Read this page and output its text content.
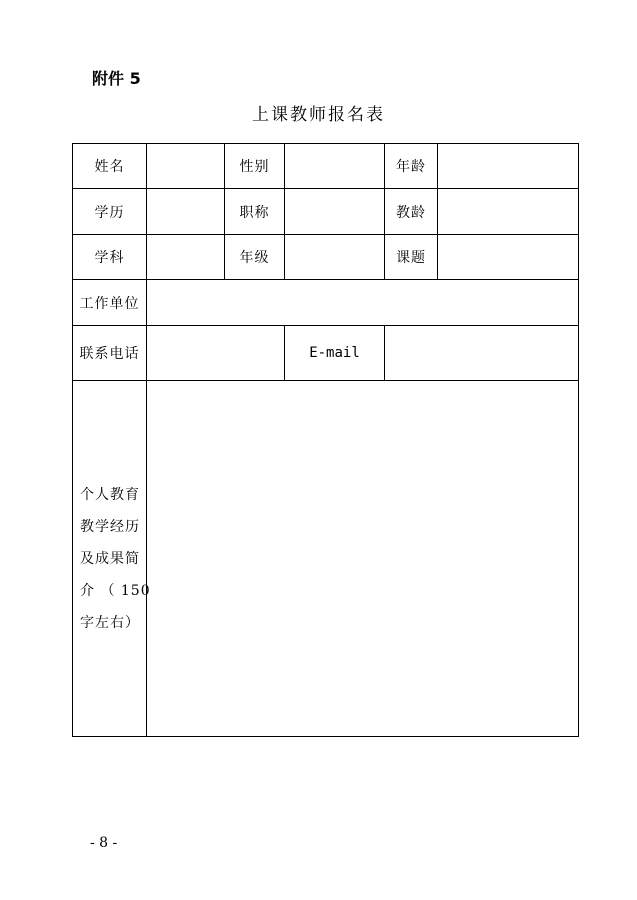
附件 5
上课教师报名表
姓名		性别		年龄	
学历		职称		教龄	
学科		年级		课题	
工作单位					
联系电话			E-mail		

个人教育
教学经历
及成果简
介 （ 150
字左右）					

- 8 -
